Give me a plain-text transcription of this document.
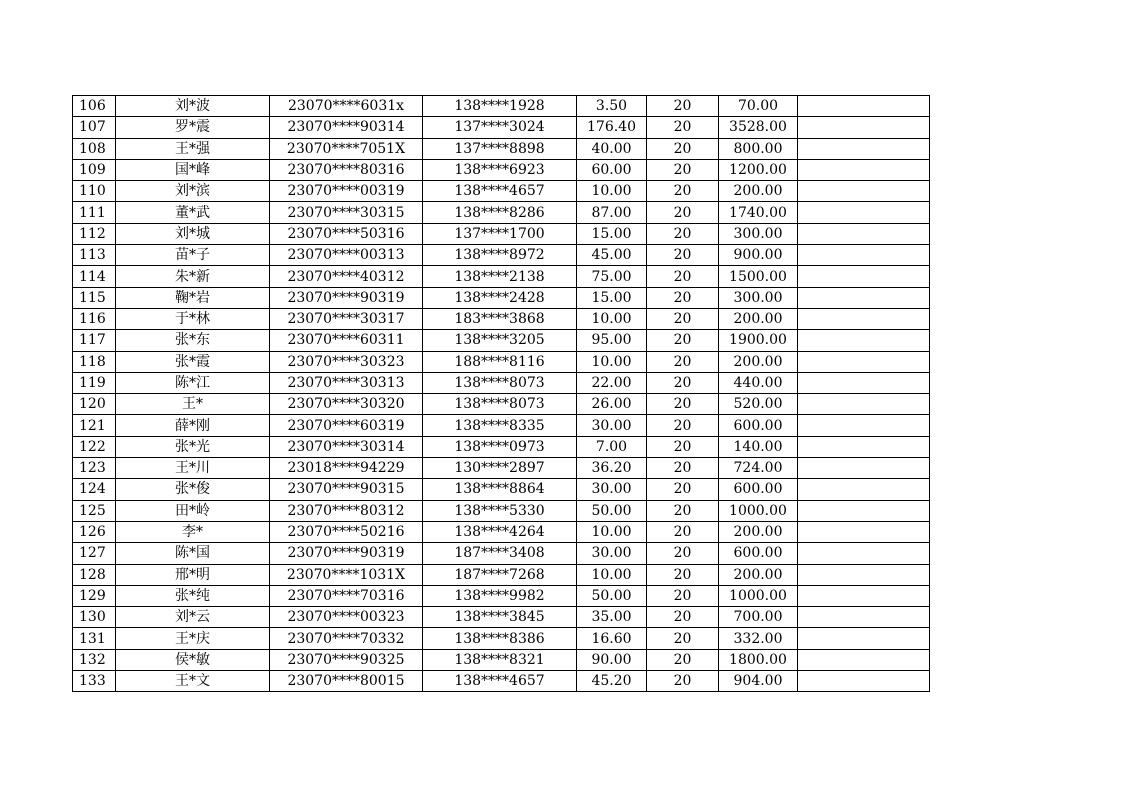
106	刘*波	23070****6031x	138****1928	3.50	20	70.00	
107	罗*震	23070****90314	137****3024	176.40	20	3528.00	
108	王*强	23070****7051X	137****8898	40.00	20	800.00	
109	国*峰	23070****80316	138****6923	60.00	20	1200.00	
110	刘*滨	23070****00319	138****4657	10.00	20	200.00	
111	董*武	23070****30315	138****8286	87.00	20	1740.00	
112	刘*城	23070****50316	137****1700	15.00	20	300.00	
113	苗*子	23070****00313	138****8972	45.00	20	900.00	
114	朱*新	23070****40312	138****2138	75.00	20	1500.00	
115	鞠*岩	23070****90319	138****2428	15.00	20	300.00	
116	于*林	23070****30317	183****3868	10.00	20	200.00	
117	张*东	23070****60311	138****3205	95.00	20	1900.00	
118	张*霞	23070****30323	188****8116	10.00	20	200.00	
119	陈*江	23070****30313	138****8073	22.00	20	440.00	
120	王*	23070****30320	138****8073	26.00	20	520.00	
121	薛*刚	23070****60319	138****8335	30.00	20	600.00	
122	张*光	23070****30314	138****0973	7.00	20	140.00	
123	王*川	23018****94229	130****2897	36.20	20	724.00	
124	张*俊	23070****90315	138****8864	30.00	20	600.00	
125	田*岭	23070****80312	138****5330	50.00	20	1000.00	
126	李*	23070****50216	138****4264	10.00	20	200.00	
127	陈*国	23070****90319	187****3408	30.00	20	600.00	
128	邢*明	23070****1031X	187****7268	10.00	20	200.00	
129	张*纯	23070****70316	138****9982	50.00	20	1000.00	
130	刘*云	23070****00323	138****3845	35.00	20	700.00	
131	王*庆	23070****70332	138****8386	16.60	20	332.00	
132	侯*敏	23070****90325	138****8321	90.00	20	1800.00	
133	王*文	23070****80015	138****4657	45.20	20	904.00	
